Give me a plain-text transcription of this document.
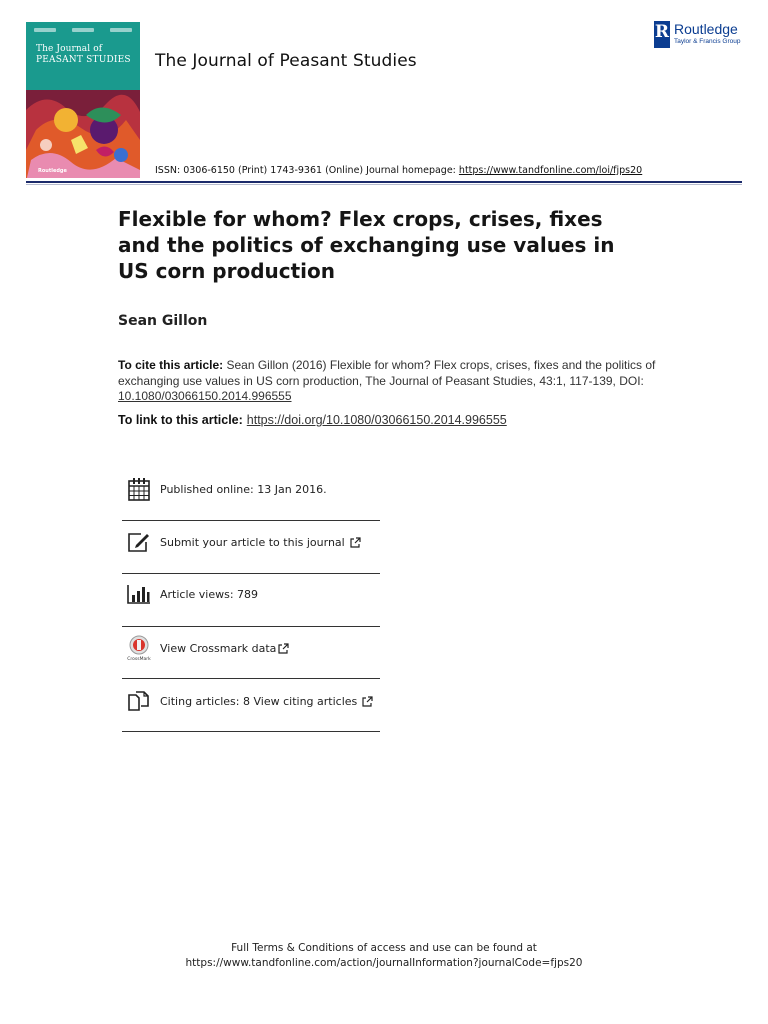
The Journal of
PEASANT STUDIES
Routledge
The Journal of Peasant Studies
R Routledge
Taylor & Francis Group
ISSN: 0306-6150 (Print) 1743-9361 (Online) Journal homepage: https://www.tandfonline.com/loi/fjps20
Flexible for whom? Flex crops, crises, fixes and the politics of exchanging use values in US corn production
Sean Gillon
To cite this article: Sean Gillon (2016) Flexible for whom? Flex crops, crises, fixes and the politics of exchanging use values in US corn production, The Journal of Peasant Studies, 43:1, 117-139, DOI: 10.1080/03066150.2014.996555
To link to this article: https://doi.org/10.1080/03066150.2014.996555
Published online: 13 Jan 2016.
Submit your article to this journal
Article views: 789
CrossMark
View Crossmark data
Citing articles: 8 View citing articles
Full Terms & Conditions of access and use can be found at
https://www.tandfonline.com/action/journalInformation?journalCode=fjps20
